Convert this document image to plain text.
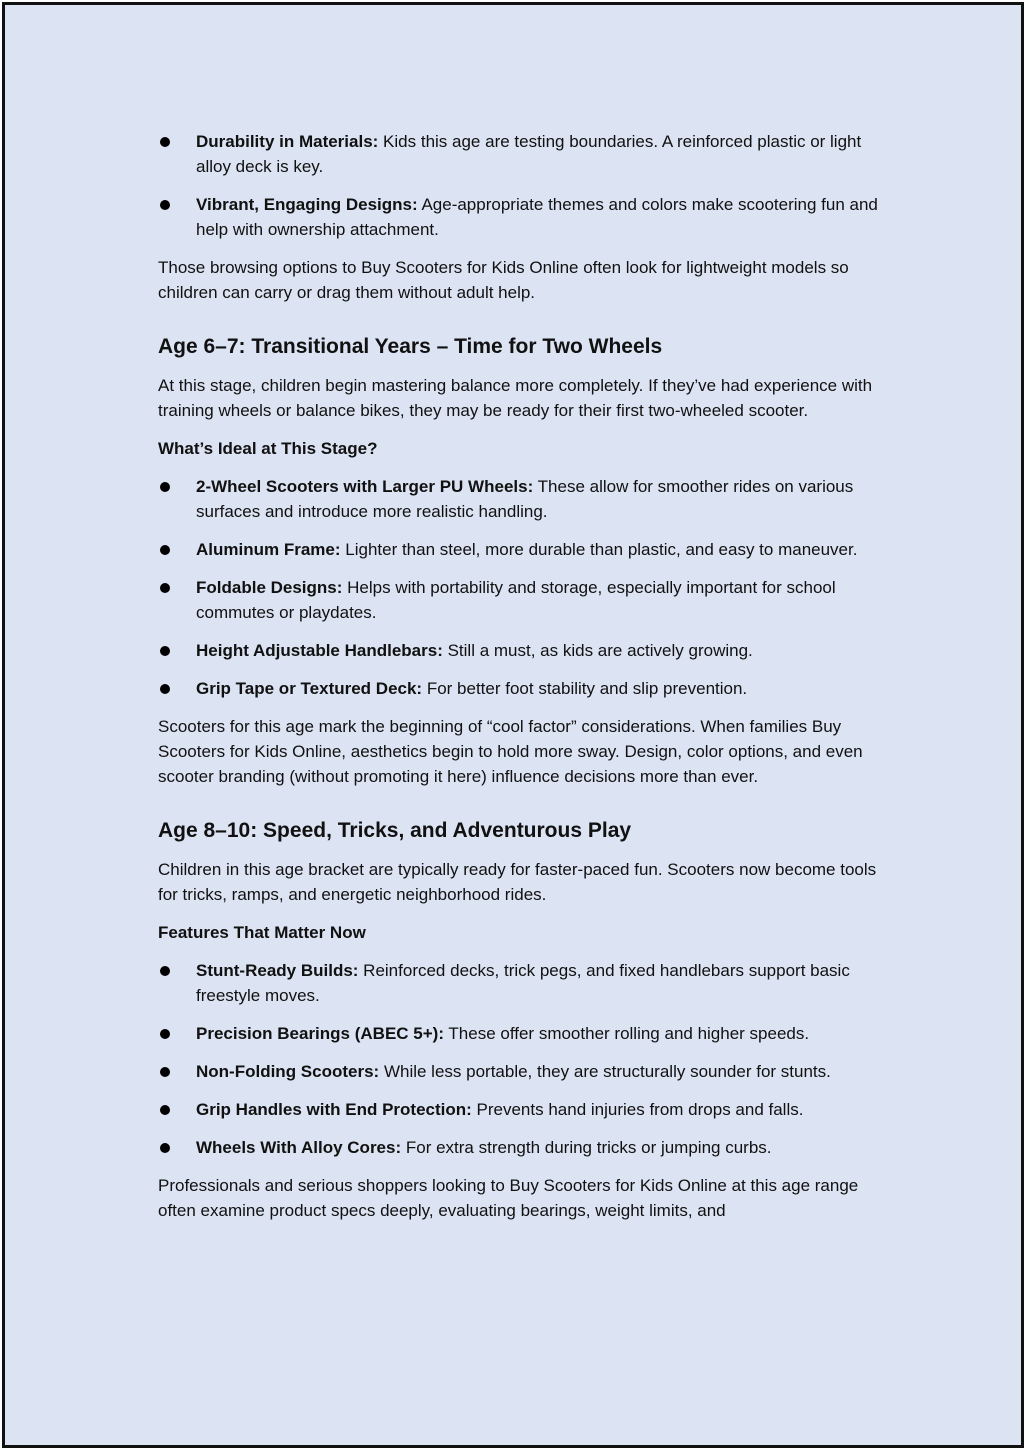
Durability in Materials: Kids this age are testing boundaries. A reinforced plastic or light alloy deck is key.
Vibrant, Engaging Designs: Age-appropriate themes and colors make scootering fun and help with ownership attachment.

Those browsing options to Buy Scooters for Kids Online often look for lightweight models so children can carry or drag them without adult help.

Age 6–7: Transitional Years – Time for Two Wheels

At this stage, children begin mastering balance more completely. If they’ve had experience with training wheels or balance bikes, they may be ready for their first two-wheeled scooter.

What’s Ideal at This Stage?
2-Wheel Scooters with Larger PU Wheels: These allow for smoother rides on various surfaces and introduce more realistic handling.
Aluminum Frame: Lighter than steel, more durable than plastic, and easy to maneuver.
Foldable Designs: Helps with portability and storage, especially important for school commutes or playdates.
Height Adjustable Handlebars: Still a must, as kids are actively growing.
Grip Tape or Textured Deck: For better foot stability and slip prevention.

Scooters for this age mark the beginning of “cool factor” considerations. When families Buy Scooters for Kids Online, aesthetics begin to hold more sway. Design, color options, and even scooter branding (without promoting it here) influence decisions more than ever.

Age 8–10: Speed, Tricks, and Adventurous Play

Children in this age bracket are typically ready for faster-paced fun. Scooters now become tools for tricks, ramps, and energetic neighborhood rides.

Features That Matter Now
Stunt-Ready Builds: Reinforced decks, trick pegs, and fixed handlebars support basic freestyle moves.
Precision Bearings (ABEC 5+): These offer smoother rolling and higher speeds.
Non-Folding Scooters: While less portable, they are structurally sounder for stunts.
Grip Handles with End Protection: Prevents hand injuries from drops and falls.
Wheels With Alloy Cores: For extra strength during tricks or jumping curbs.

Professionals and serious shoppers looking to Buy Scooters for Kids Online at this age range often examine product specs deeply, evaluating bearings, weight limits, and
